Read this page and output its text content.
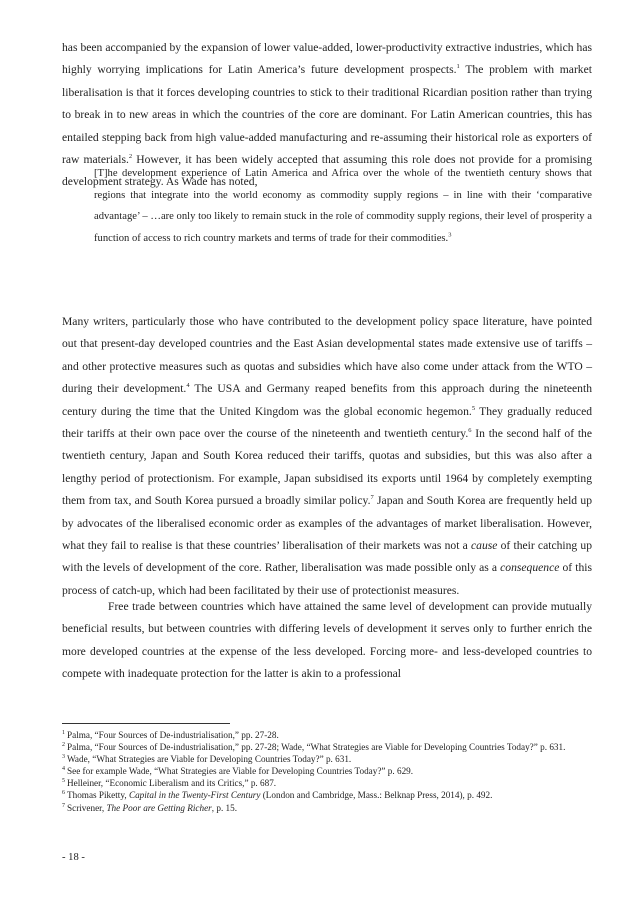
has been accompanied by the expansion of lower value-added, lower-productivity extractive industries, which has highly worrying implications for Latin America’s future development prospects.$^1$ The problem with market liberalisation is that it forces developing countries to stick to their traditional Ricardian position rather than trying to break in to new areas in which the countries of the core are dominant. For Latin American countries, this has entailed stepping back from high value-added manufacturing and re-assuming their historical role as exporters of raw materials.$^2$ However, it has been widely accepted that assuming this role does not provide for a promising development strategy. As Wade has noted,

[T]he development experience of Latin America and Africa over the whole of the twentieth century shows that regions that integrate into the world economy as commodity supply regions – in line with their ‘comparative advantage’ – …are only too likely to remain stuck in the role of commodity supply regions, their level of prosperity a function of access to rich country markets and terms of trade for their commodities.$^3$

Many writers, particularly those who have contributed to the development policy space literature, have pointed out that present-day developed countries and the East Asian developmental states made extensive use of tariffs – and other protective measures such as quotas and subsidies which have also come under attack from the WTO – during their development.$^4$ The USA and Germany reaped benefits from this approach during the nineteenth century during the time that the United Kingdom was the global economic hegemon.$^5$ They gradually reduced their tariffs at their own pace over the course of the nineteenth and twentieth century.$^6$ In the second half of the twentieth century, Japan and South Korea reduced their tariffs, quotas and subsidies, but this was also after a lengthy period of protectionism. For example, Japan subsidised its exports until 1964 by completely exempting them from tax, and South Korea pursued a broadly similar policy.$^7$ Japan and South Korea are frequently held up by advocates of the liberalised economic order as examples of the advantages of market liberalisation. However, what they fail to realise is that these countries’ liberalisation of their markets was not a cause of their catching up with the levels of development of the core. Rather, liberalisation was made possible only as a consequence of this process of catch-up, which had been facilitated by their use of protectionist measures.

Free trade between countries which have attained the same level of development can provide mutually beneficial results, but between countries with differing levels of development it serves only to further enrich the more developed countries at the expense of the less developed. Forcing more- and less-developed countries to compete with inadequate protection for the latter is akin to a professional

$^1$ Palma, “Four Sources of De-industrialisation,” pp. 27-28.
$^2$ Palma, “Four Sources of De-industrialisation,” pp. 27-28; Wade, “What Strategies are Viable for Developing Countries Today?” p. 631.
$^3$ Wade, “What Strategies are Viable for Developing Countries Today?” p. 631.
$^4$ See for example Wade, “What Strategies are Viable for Developing Countries Today?” p. 629.
$^5$ Helleiner, “Economic Liberalism and its Critics,” p. 687.
$^6$ Thomas Piketty, Capital in the Twenty-First Century (London and Cambridge, Mass.: Belknap Press, 2014), p. 492.
$^7$ Scrivener, The Poor are Getting Richer, p. 15.
- 18 -
